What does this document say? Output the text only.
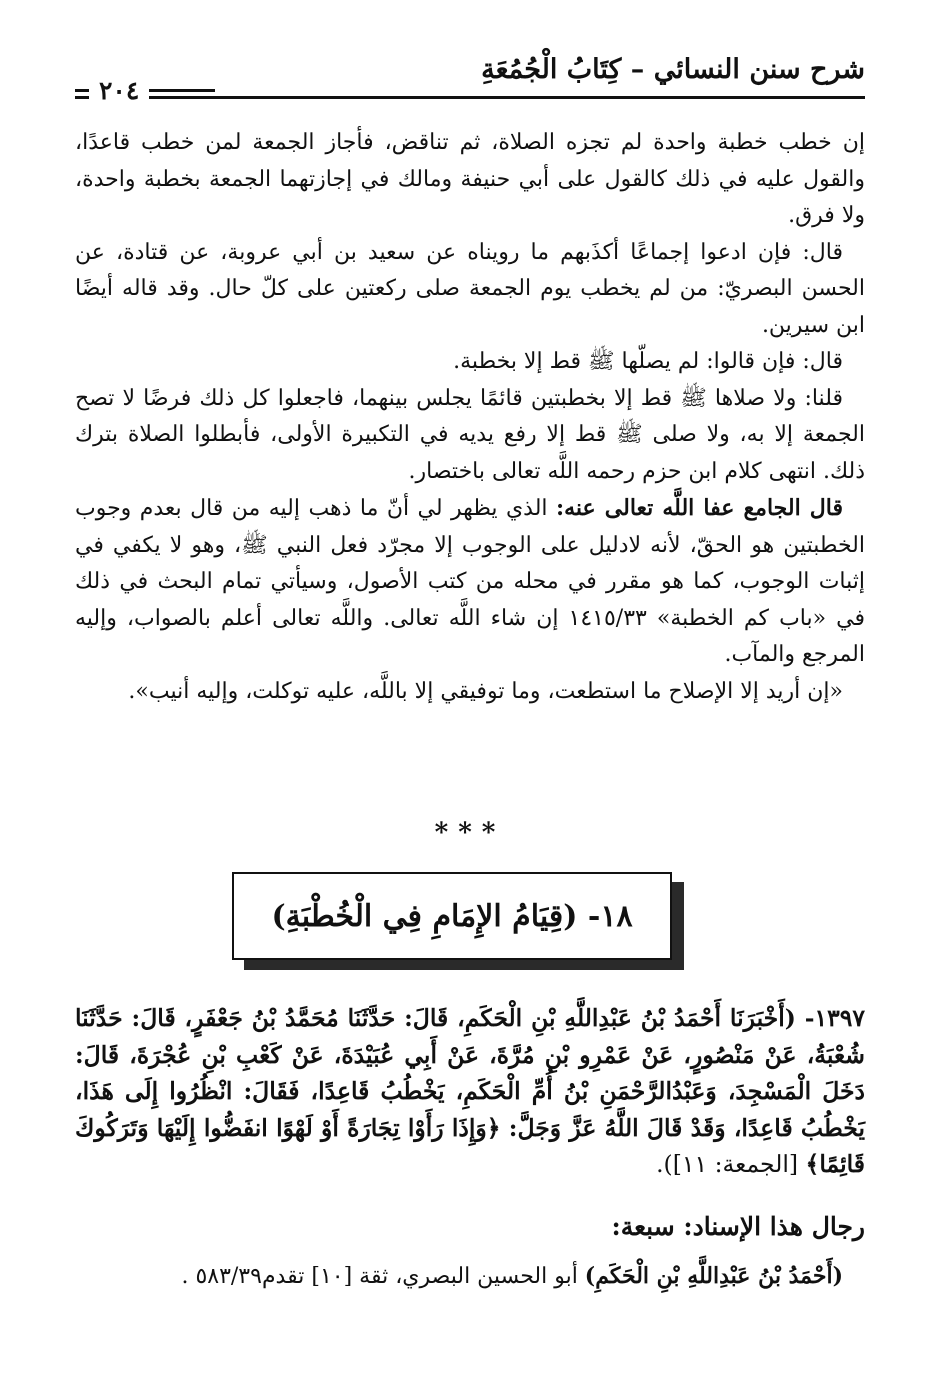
شرح سنن النسائي – كِتَابُ الْجُمُعَةِ
٢٠٤

إن خطب خطبة واحدة لم تجزه الصلاة، ثم تناقض، فأجاز الجمعة لمن خطب قاعدًا، والقول عليه في ذلك كالقول على أبي حنيفة ومالك في إجازتهما الجمعة بخطبة واحدة، ولا فرق.

قال: فإن ادعوا إجماعًا أكذَبهم ما رويناه عن سعيد بن أبي عروبة، عن قتادة، عن الحسن البصريّ: من لم يخطب يوم الجمعة صلى ركعتين على كلّ حال. وقد قاله أيضًا ابن سيرين.

قال: فإن قالوا: لم يصلّها ﷺ قط إلا بخطبة.

قلنا: ولا صلاها ﷺ قط إلا بخطبتين قائمًا يجلس بينهما، فاجعلوا كل ذلك فرضًا لا تصح الجمعة إلا به، ولا صلى ﷺ قط إلا رفع يديه في التكبيرة الأولى، فأبطلوا الصلاة بترك ذلك. انتهى كلام ابن حزم رحمه اللَّه تعالى باختصار.

قال الجامع عفا اللَّه تعالى عنه: الذي يظهر لي أنّ ما ذهب إليه من قال بعدم وجوب الخطبتين هو الحقّ، لأنه لادليل على الوجوب إلا مجرّد فعل النبي ﷺ، وهو لا يكفي في إثبات الوجوب، كما هو مقرر في محله من كتب الأصول، وسيأتي تمام البحث في ذلك في «باب كم الخطبة» ١٤١٥/٣٣ إن شاء اللَّه تعالى. واللَّه تعالى أعلم بالصواب، وإليه المرجع والمآب.

«إن أريد إلا الإصلاح ما استطعت، وما توفيقي إلا باللَّه، عليه توكلت، وإليه أنيب».

***
١٨- (قِيَامُ الإِمَامِ فِي الْخُطْبَةِ)
١٣٩٧- (أَخْبَرَنَا أَحْمَدُ بْنُ عَبْدِاللَّهِ بْنِ الْحَكَمِ، قَالَ: حَدَّثَنَا مُحَمَّدُ بْنُ جَعْفَرٍ، قَالَ: حَدَّثَنَا شُعْبَةُ، عَنْ مَنْصُورٍ، عَنْ عَمْرِو بْنِ مُرَّةَ، عَنْ أَبِي عُبَيْدَةَ، عَنْ كَعْبِ بْنِ عُجْرَةَ، قَالَ: دَخَلَ الْمَسْجِدَ، وَعَبْدُالرَّحْمَنِ بْنُ أُمِّ الْحَكَمِ، يَخْطُبُ قَاعِدًا، فَقَالَ: انْظُرُوا إِلَى هَذَا، يَخْطُبُ قَاعِدًا، وَقَدْ قَالَ اللَّهُ عَزَّ وَجَلَّ: ﴿وَإِذَا رَأَوْا تِجَارَةً أَوْ لَهْوًا انفَضُّوا إِلَيْهَا وَتَرَكُوكَ قَائِمًا﴾ [الجمعة: ١١]).
رجال هذا الإسناد: سبعة:
(أَحْمَدُ بْنُ عَبْدِاللَّهِ بْنِ الْحَكَمِ) أبو الحسين البصري، ثقة [١٠] تقدم٥٨٣/٣٩ .
